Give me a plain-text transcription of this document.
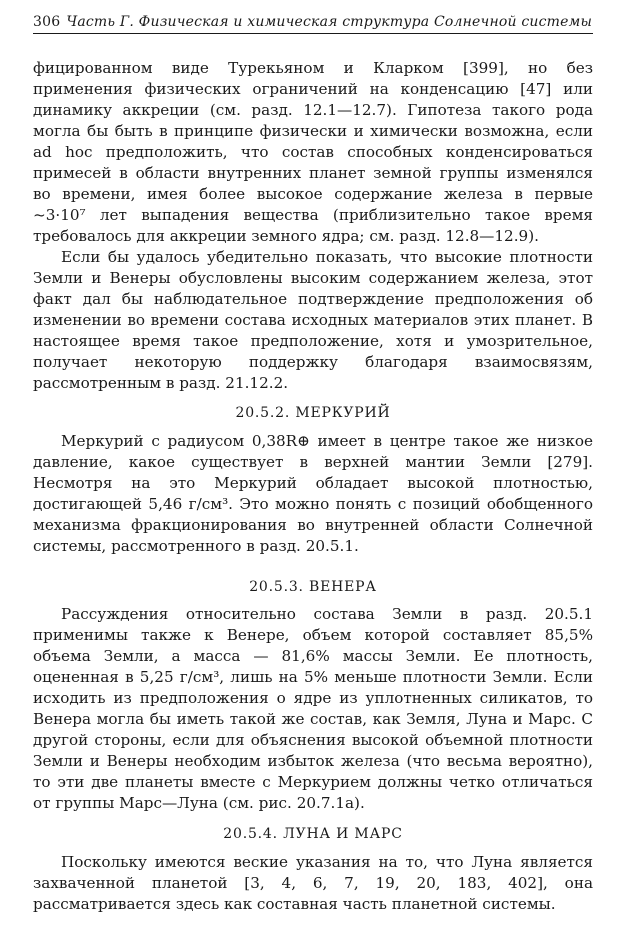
306 Часть Г. Физическая и химическая структура Солнечной системы

фицированном виде Турекьяном и Кларком [399], но без применения физических ограничений на конденсацию [47] или динамику аккреции (см. разд. 12.1—12.7). Гипотеза такого рода могла бы быть в принципе физически и химически возможна, если ad hoc предположить, что состав способных конденсироваться примесей в области внутренних планет земной группы изменялся во времени, имея более высокое содержание железа в первые ~3·10⁷ лет выпадения вещества (приблизительно такое время требовалось для аккреции земного ядра; см. разд. 12.8—12.9).

Если бы удалось убедительно показать, что высокие плотности Земли и Венеры обусловлены высоким содержанием железа, этот факт дал бы наблюдательное подтверждение предположения об изменении во времени состава исходных материалов этих планет. В настоящее время такое предположение, хотя и умозрительное, получает некоторую поддержку благодаря взаимосвязям, рассмотренным в разд. 21.12.2.

20.5.2. МЕРКУРИЙ

Меркурий с радиусом 0,38R⊕ имеет в центре такое же низкое давление, какое существует в верхней мантии Земли [279]. Несмотря на это Меркурий обладает высокой плотностью, достигающей 5,46 г/см³. Это можно понять с позиций обобщенного механизма фракционирования во внутренней области Солнечной системы, рассмотренного в разд. 20.5.1.

20.5.3. ВЕНЕРА

Рассуждения относительно состава Земли в разд. 20.5.1 применимы также к Венере, объем которой составляет 85,5% объема Земли, а масса — 81,6% массы Земли. Ее плотность, оцененная в 5,25 г/см³, лишь на 5% меньше плотности Земли. Если исходить из предположения о ядре из уплотненных силикатов, то Венера могла бы иметь такой же состав, как Земля, Луна и Марс. С другой стороны, если для объяснения высокой объемной плотности Земли и Венеры необходим избыток железа (что весьма вероятно), то эти две планеты вместе с Меркурием должны четко отличаться от группы Марс—Луна (см. рис. 20.7.1а).

20.5.4. ЛУНА И МАРС

Поскольку имеются веские указания на то, что Луна является захваченной планетой [3, 4, 6, 7, 19, 20, 183, 402], она рассматривается здесь как составная часть планетной системы.
